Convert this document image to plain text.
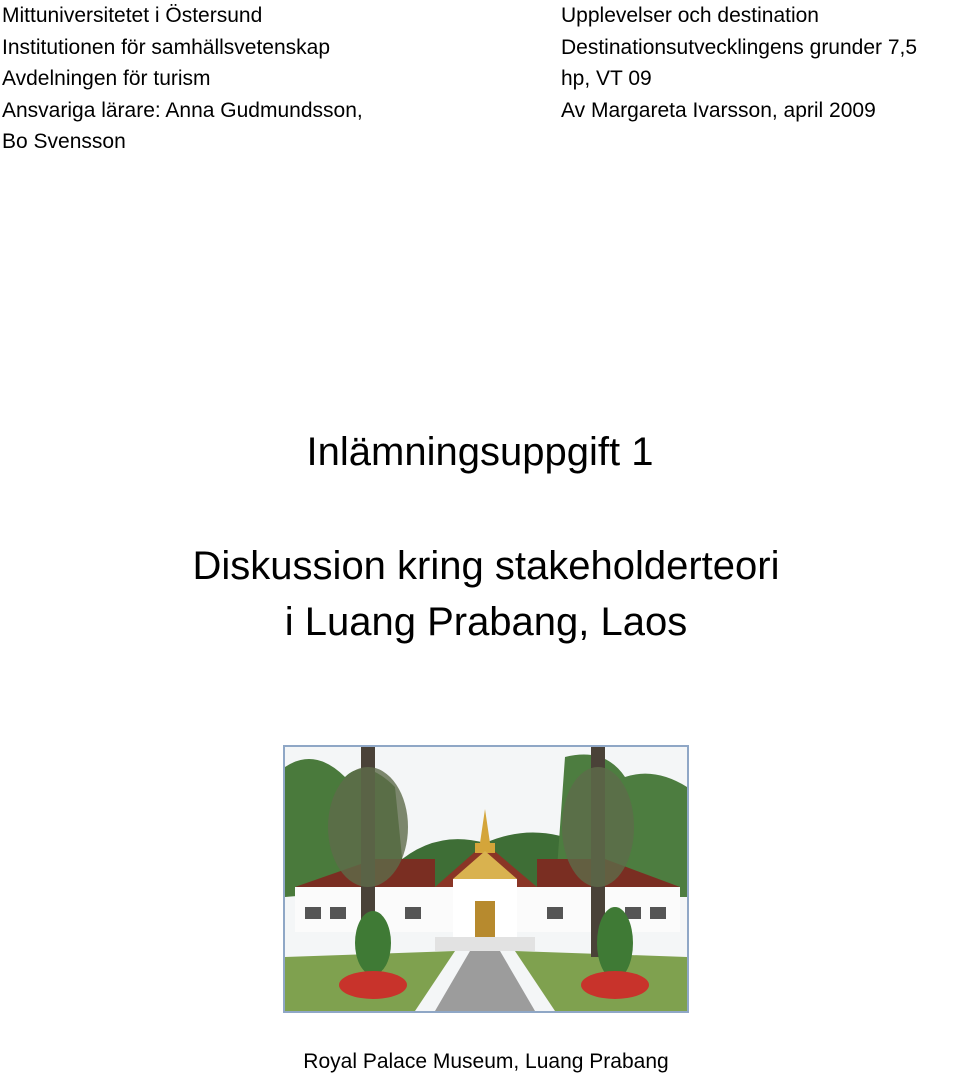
Mittuniversitetet i Östersund
Institutionen för samhällsvetenskap
Avdelningen för turism
Ansvariga lärare: Anna Gudmundsson,
Bo Svensson
Upplevelser och destination
Destinationsutvecklingens grunder 7,5
hp, VT 09
Av Margareta Ivarsson, april 2009
Inlämningsuppgift 1
Diskussion kring stakeholderteori
i Luang Prabang, Laos
Royal Palace Museum, Luang Prabang
